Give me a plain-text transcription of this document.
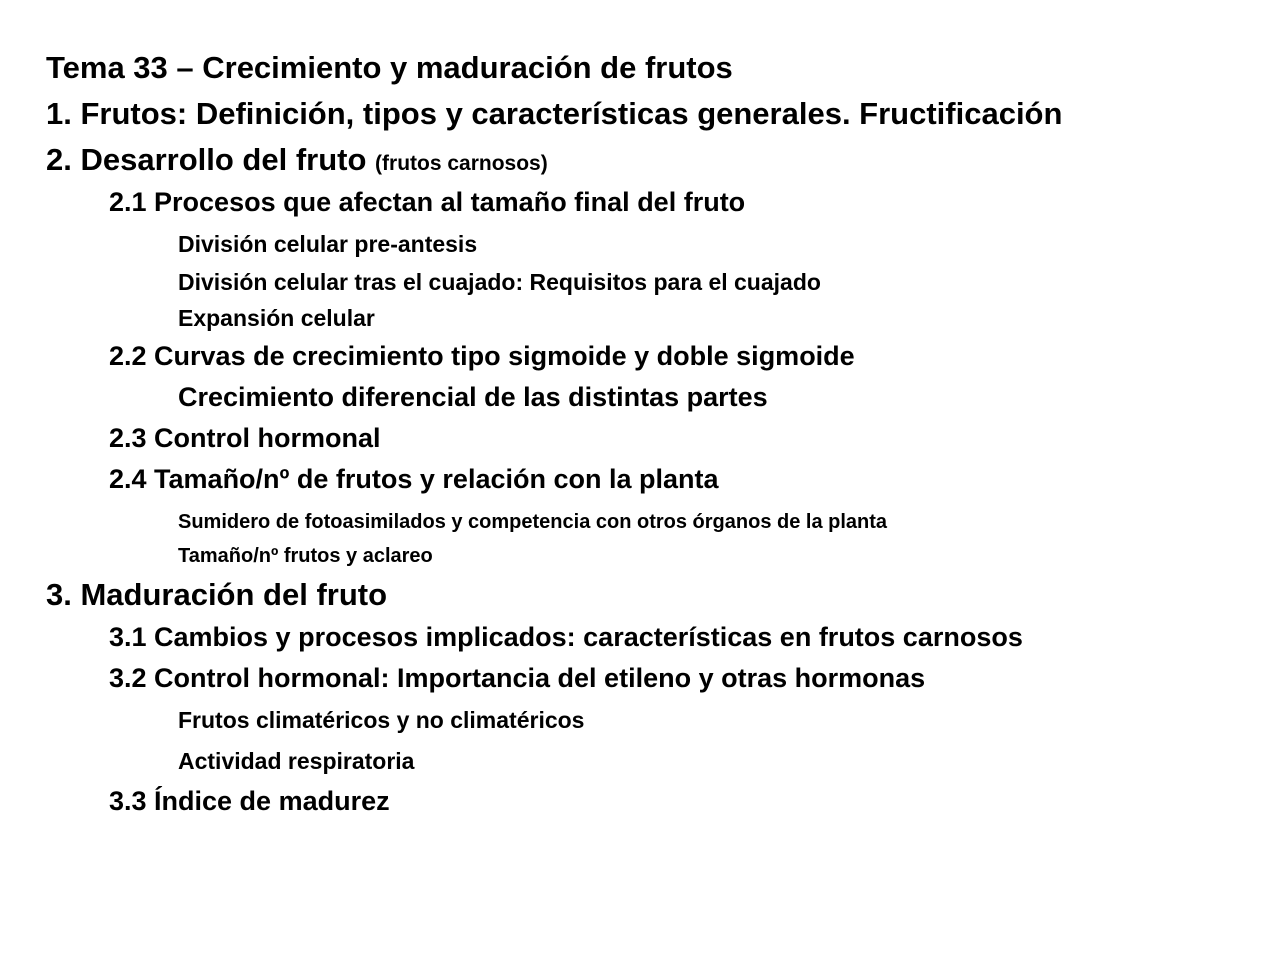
Tema 33 – Crecimiento y maduración de frutos
1. Frutos: Definición, tipos y características generales. Fructificación
2. Desarrollo del fruto (frutos carnosos)
2.1 Procesos que afectan al tamaño final del fruto
División celular pre-antesis
División celular tras el cuajado: Requisitos para el cuajado
Expansión celular
2.2 Curvas de crecimiento tipo sigmoide y doble sigmoide
Crecimiento diferencial de las distintas partes
2.3 Control hormonal
2.4 Tamaño/nº de frutos y relación con la planta
Sumidero de fotoasimilados y competencia con otros órganos de la planta
Tamaño/nº frutos y aclareo
3. Maduración del fruto
3.1 Cambios y procesos implicados: características en frutos carnosos
3.2 Control hormonal: Importancia del etileno y otras hormonas
Frutos climatéricos y no climatéricos
Actividad respiratoria
3.3 Índice de madurez
